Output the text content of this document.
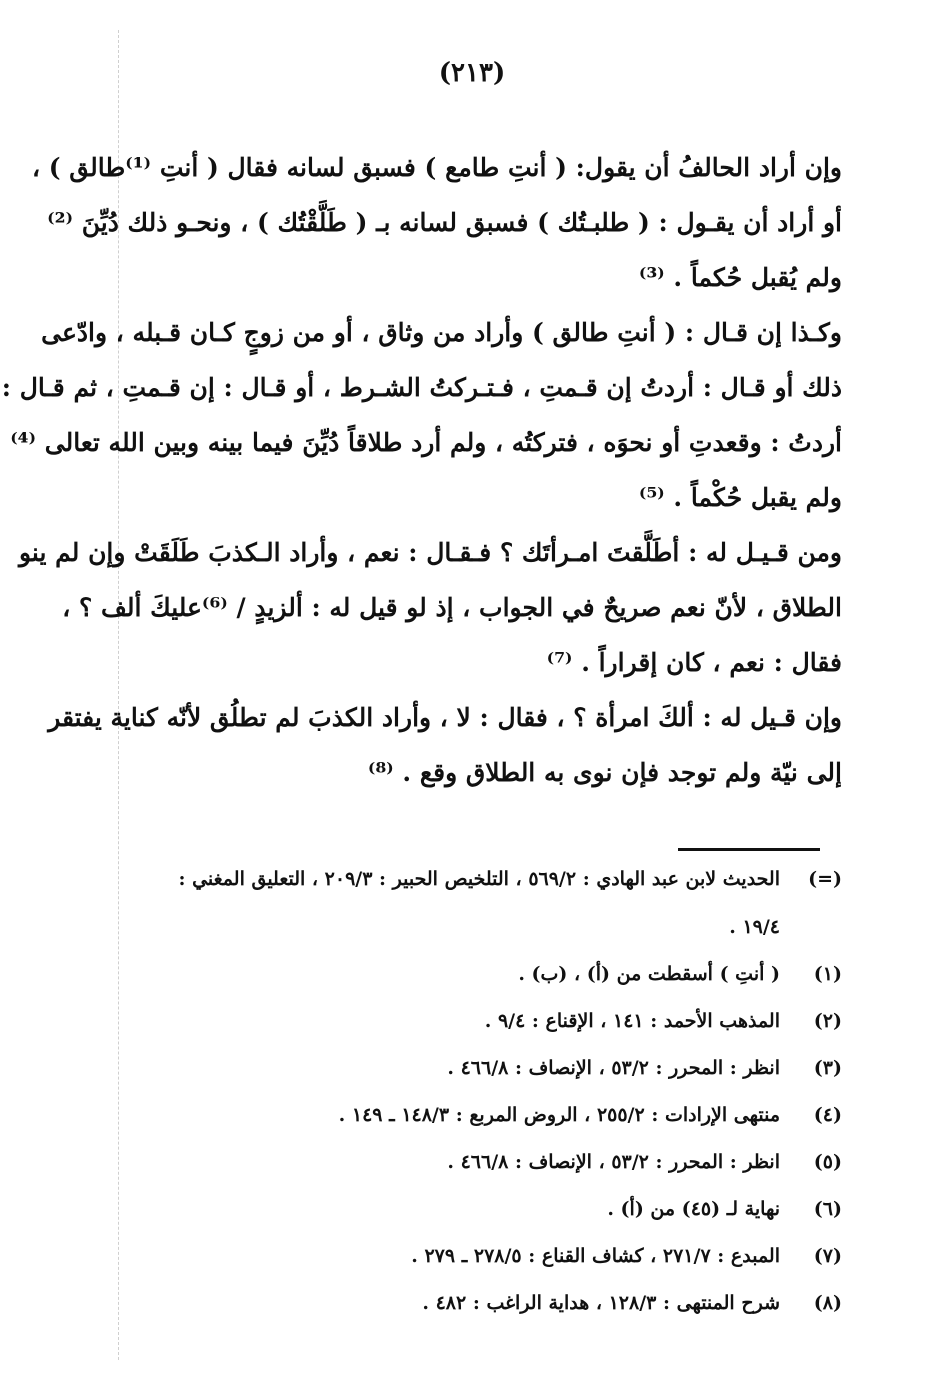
(٢١٣)
وإن أراد الحالفُ أن يقول: ( أنتِ طامع ) فسبق لسانه فقال ( أنتِ ⁽¹⁾طالق ) ،
أو أراد أن يقـول : ( طلبـتُك ) فسبق لسانه بـ ( طَلَّقْتُك ) ، ونحـو ذلك دُيِّنَ ⁽²⁾
ولم يُقبل حُكماً . ⁽³⁾
وكـذا إن قـال : ( أنتِ طالق ) وأراد من وثاق ، أو من زوجٍ كـان قـبله ، وادّعى
ذلك أو قـال : أردتُ إن قـمتِ ، فـتـركتُ الشـرط ، أو قـال : إن قـمتِ ، ثم قـال :
أردتُ : وقعدتِ أو نحوَه ، فتركتُه ، ولم أرد طلاقاً دُيِّنَ فيما بينه وبين الله تعالى ⁽⁴⁾
ولم يقبل حُكْماً . ⁽⁵⁾
ومن قـيـل له : أطَلَّقتَ امـرأتَك ؟ فـقـال : نعم ، وأراد الـكذبَ طَلَقَتْ وإن لم ينو
الطلاق ، لأنّ نعم صريحٌ في الجواب ، إذ لو قيل له : ألزيدٍ / ⁽⁶⁾عليكَ ألف ؟ ،
فقال : نعم ، كان إقراراً . ⁽⁷⁾
وإن قـيل له : ألكَ امرأة ؟ ، فقال : لا ، وأراد الكذبَ لم تطلُق لأنّه كناية يفتقر
إلى نيّة ولم توجد فإن نوى به الطلاق وقع . ⁽⁸⁾
(=)
الحديث لابن عبد الهادي : ٥٦٩/٢ ، التلخيص الحبير : ٢٠٩/٣ ، التعليق المغني :
١٩/٤ .
(١)
( أنتِ ) أسقطت من (أ) ، (ب) .
(٢)
المذهب الأحمد : ١٤١ ، الإقناع : ٩/٤ .
(٣)
انظر : المحرر : ٥٣/٢ ، الإنصاف : ٤٦٦/٨ .
(٤)
منتهى الإرادات : ٢٥٥/٢ ، الروض المربع : ١٤٨/٣ ـ ١٤٩ .
(٥)
انظر : المحرر : ٥٣/٢ ، الإنصاف : ٤٦٦/٨ .
(٦)
نهاية لـ (٤٥) من (أ) .
(٧)
المبدع : ٢٧١/٧ ، كشاف القناع : ٢٧٨/٥ ـ ٢٧٩ .
(٨)
شرح المنتهى : ١٢٨/٣ ، هداية الراغب : ٤٨٢ .
